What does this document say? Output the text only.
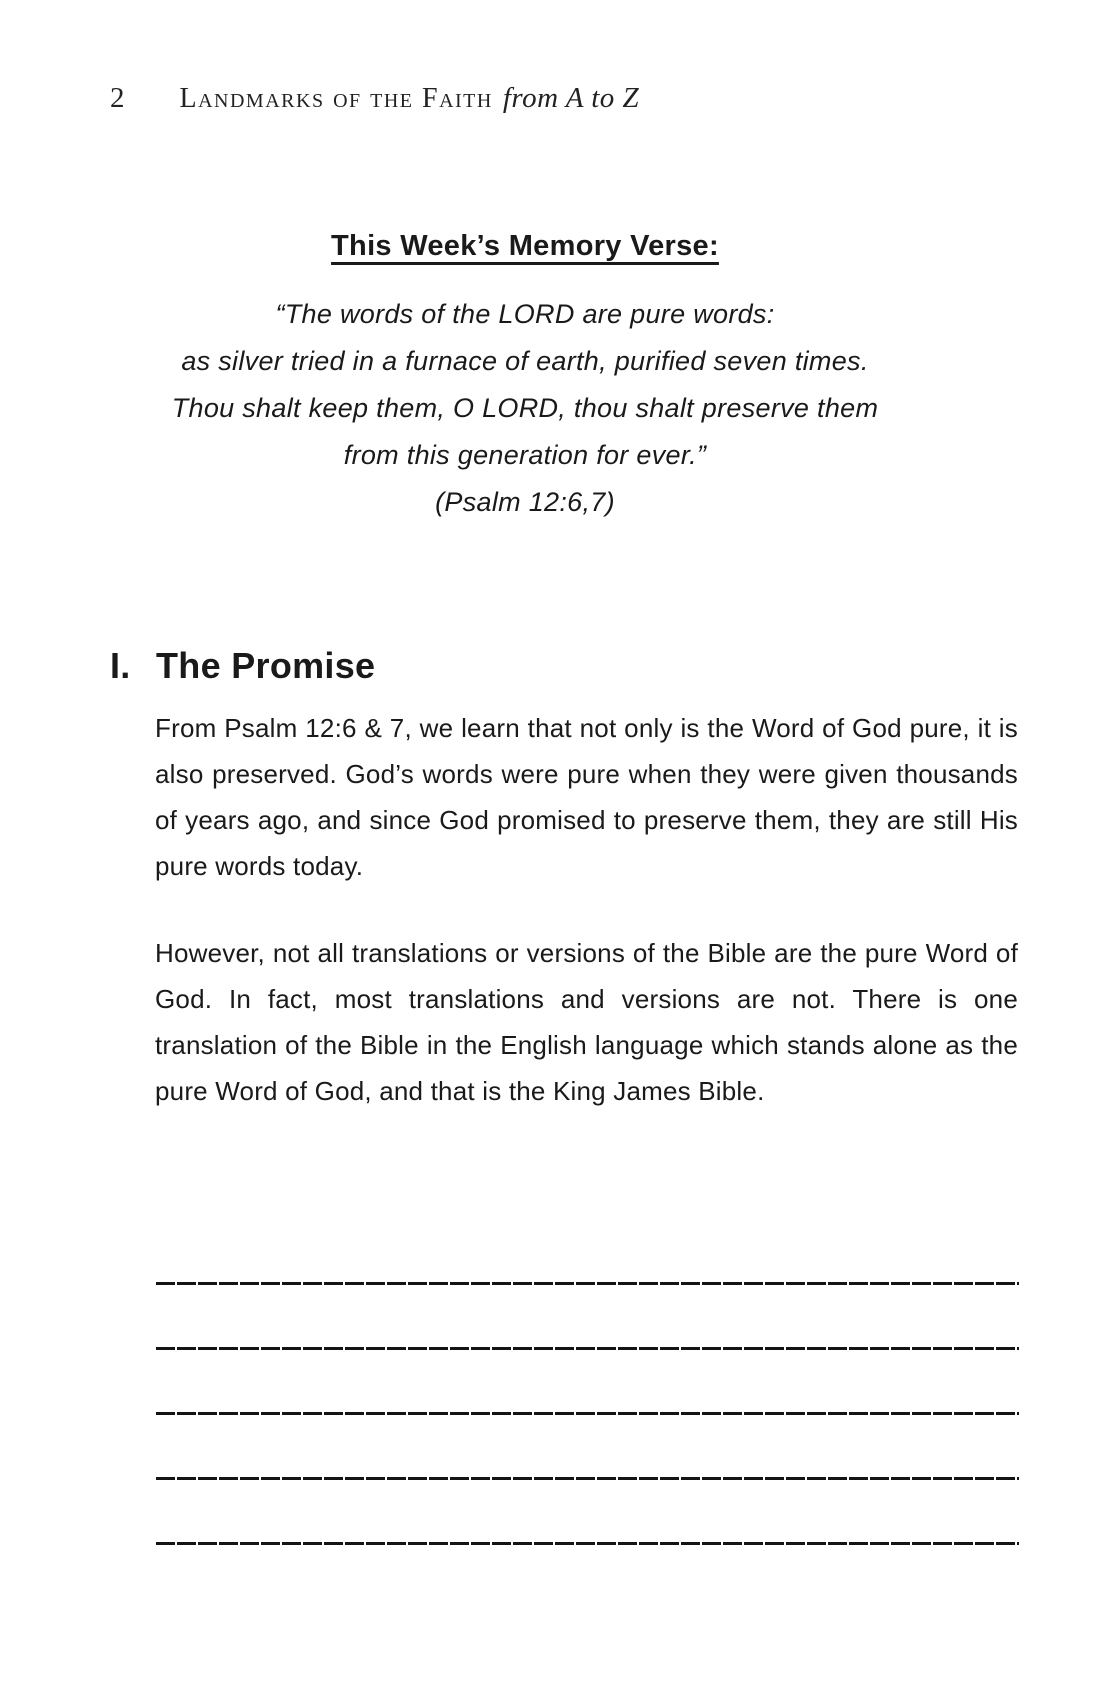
2 Landmarks of the Faith from A to Z
This Week’s Memory Verse:
“The words of the LORD are pure words:
as silver tried in a furnace of earth, purified seven times.
Thou shalt keep them, O LORD, thou shalt preserve them
from this generation for ever.”
(Psalm 12:6,7)
I. The Promise

From Psalm 12:6 & 7, we learn that not only is the Word of God pure, it is also preserved. God’s words were pure when they were given thousands of years ago, and since God promised to preserve them, they are still His pure words today.

However, not all translations or versions of the Bible are the pure Word of God. In fact, most translations and versions are not. There is one translation of the Bible in the English language which stands alone as the pure Word of God, and that is the King James Bible.
